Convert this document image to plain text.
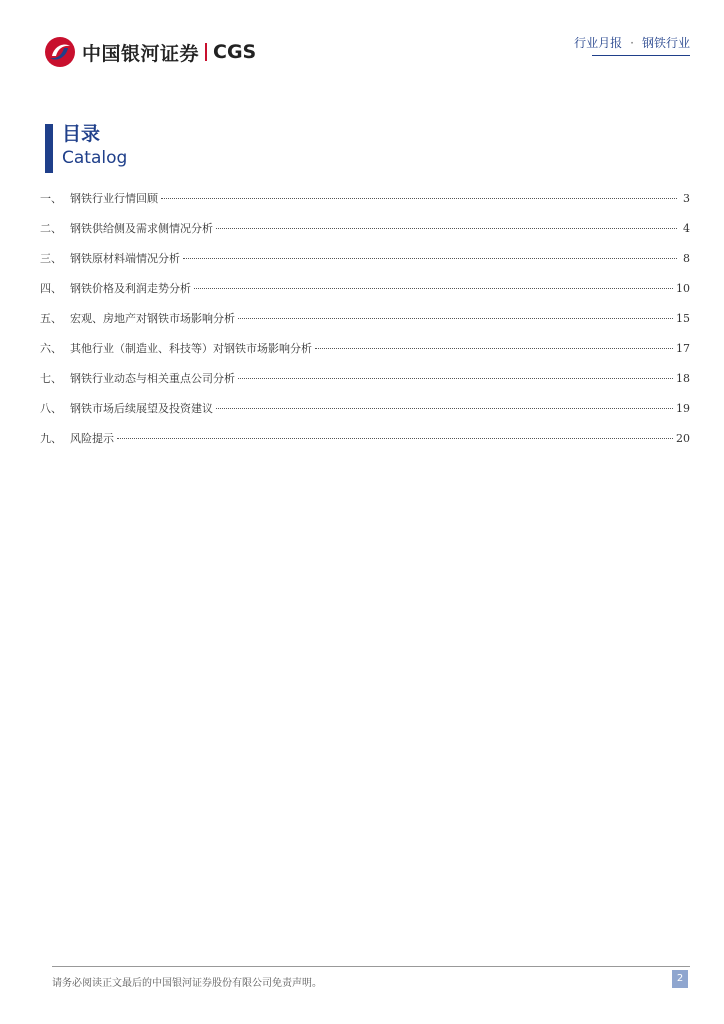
中国银河证券 CGS	行业月报 · 钢铁行业
目录
Catalog
一、 钢铁行业行情回顾	3
二、 钢铁供给侧及需求侧情况分析	4
三、 钢铁原材料端情况分析	8
四、 钢铁价格及利润走势分析	10
五、 宏观、房地产对钢铁市场影响分析	15
六、 其他行业（制造业、科技等）对钢铁市场影响分析	17
七、 钢铁行业动态与相关重点公司分析	18
八、 钢铁市场后续展望及投资建议	19
九、 风险提示	20
请务必阅读正文最后的中国银河证券股份有限公司免责声明。	2
